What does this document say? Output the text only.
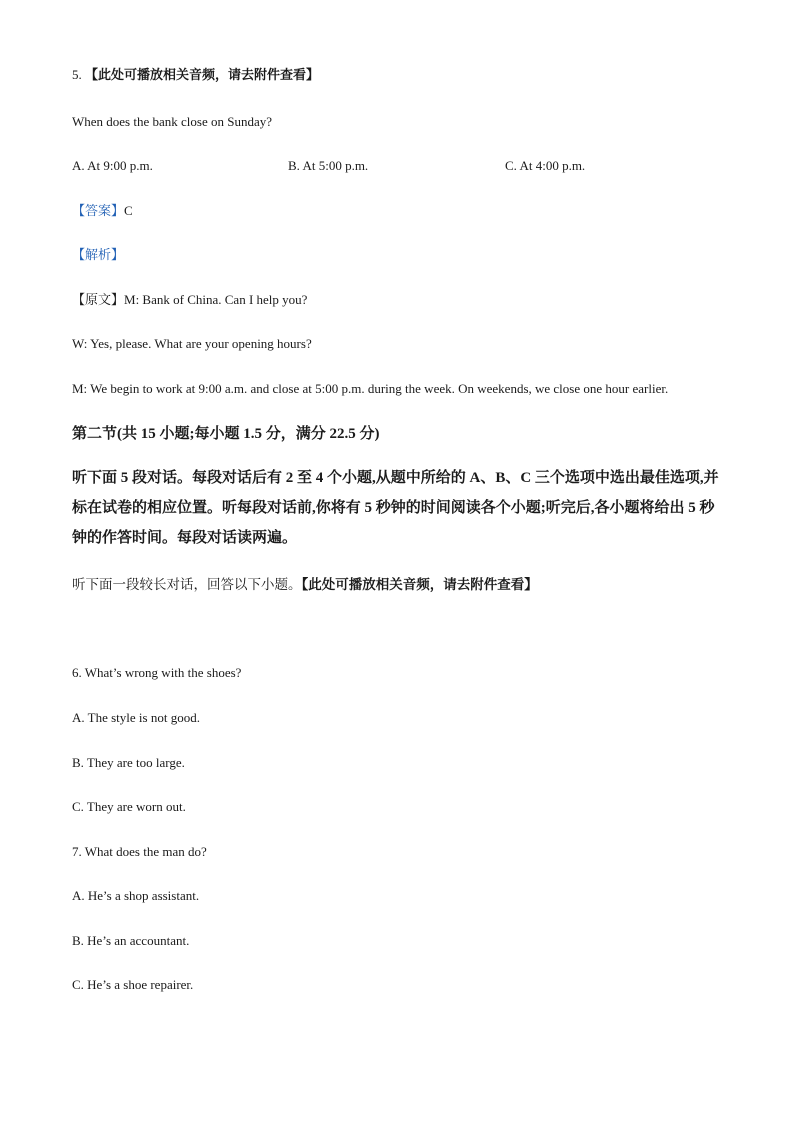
5. 【此处可播放相关音频，请去附件查看】
When does the bank close on Sunday?
A. At 9:00 p.m.	B. At 5:00 p.m.	C. At 4:00 p.m.
【答案】C
【解析】
【原文】M: Bank of China. Can I help you?
W: Yes, please. What are your opening hours?
M: We begin to work at 9:00 a.m. and close at 5:00 p.m. during the week. On weekends, we close one hour earlier.
第二节(共 15 小题;每小题 1.5 分，满分 22.5 分)
听下面 5 段对话。每段对话后有 2 至 4 个小题,从题中所给的 A、B、C 三个选项中选出最佳选项,并标在试卷的相应位置。听每段对话前,你将有 5 秒钟的时间阅读各个小题;听完后,各小题将给出 5 秒钟的作答时间。每段对话读两遍。
听下面一段较长对话，回答以下小题。【此处可播放相关音频，请去附件查看】
6. What’s wrong with the shoes?
A. The style is not good.
B. They are too large.
C. They are worn out.
7. What does the man do?
A. He’s a shop assistant.
B. He’s an accountant.
C. He’s a shoe repairer.
